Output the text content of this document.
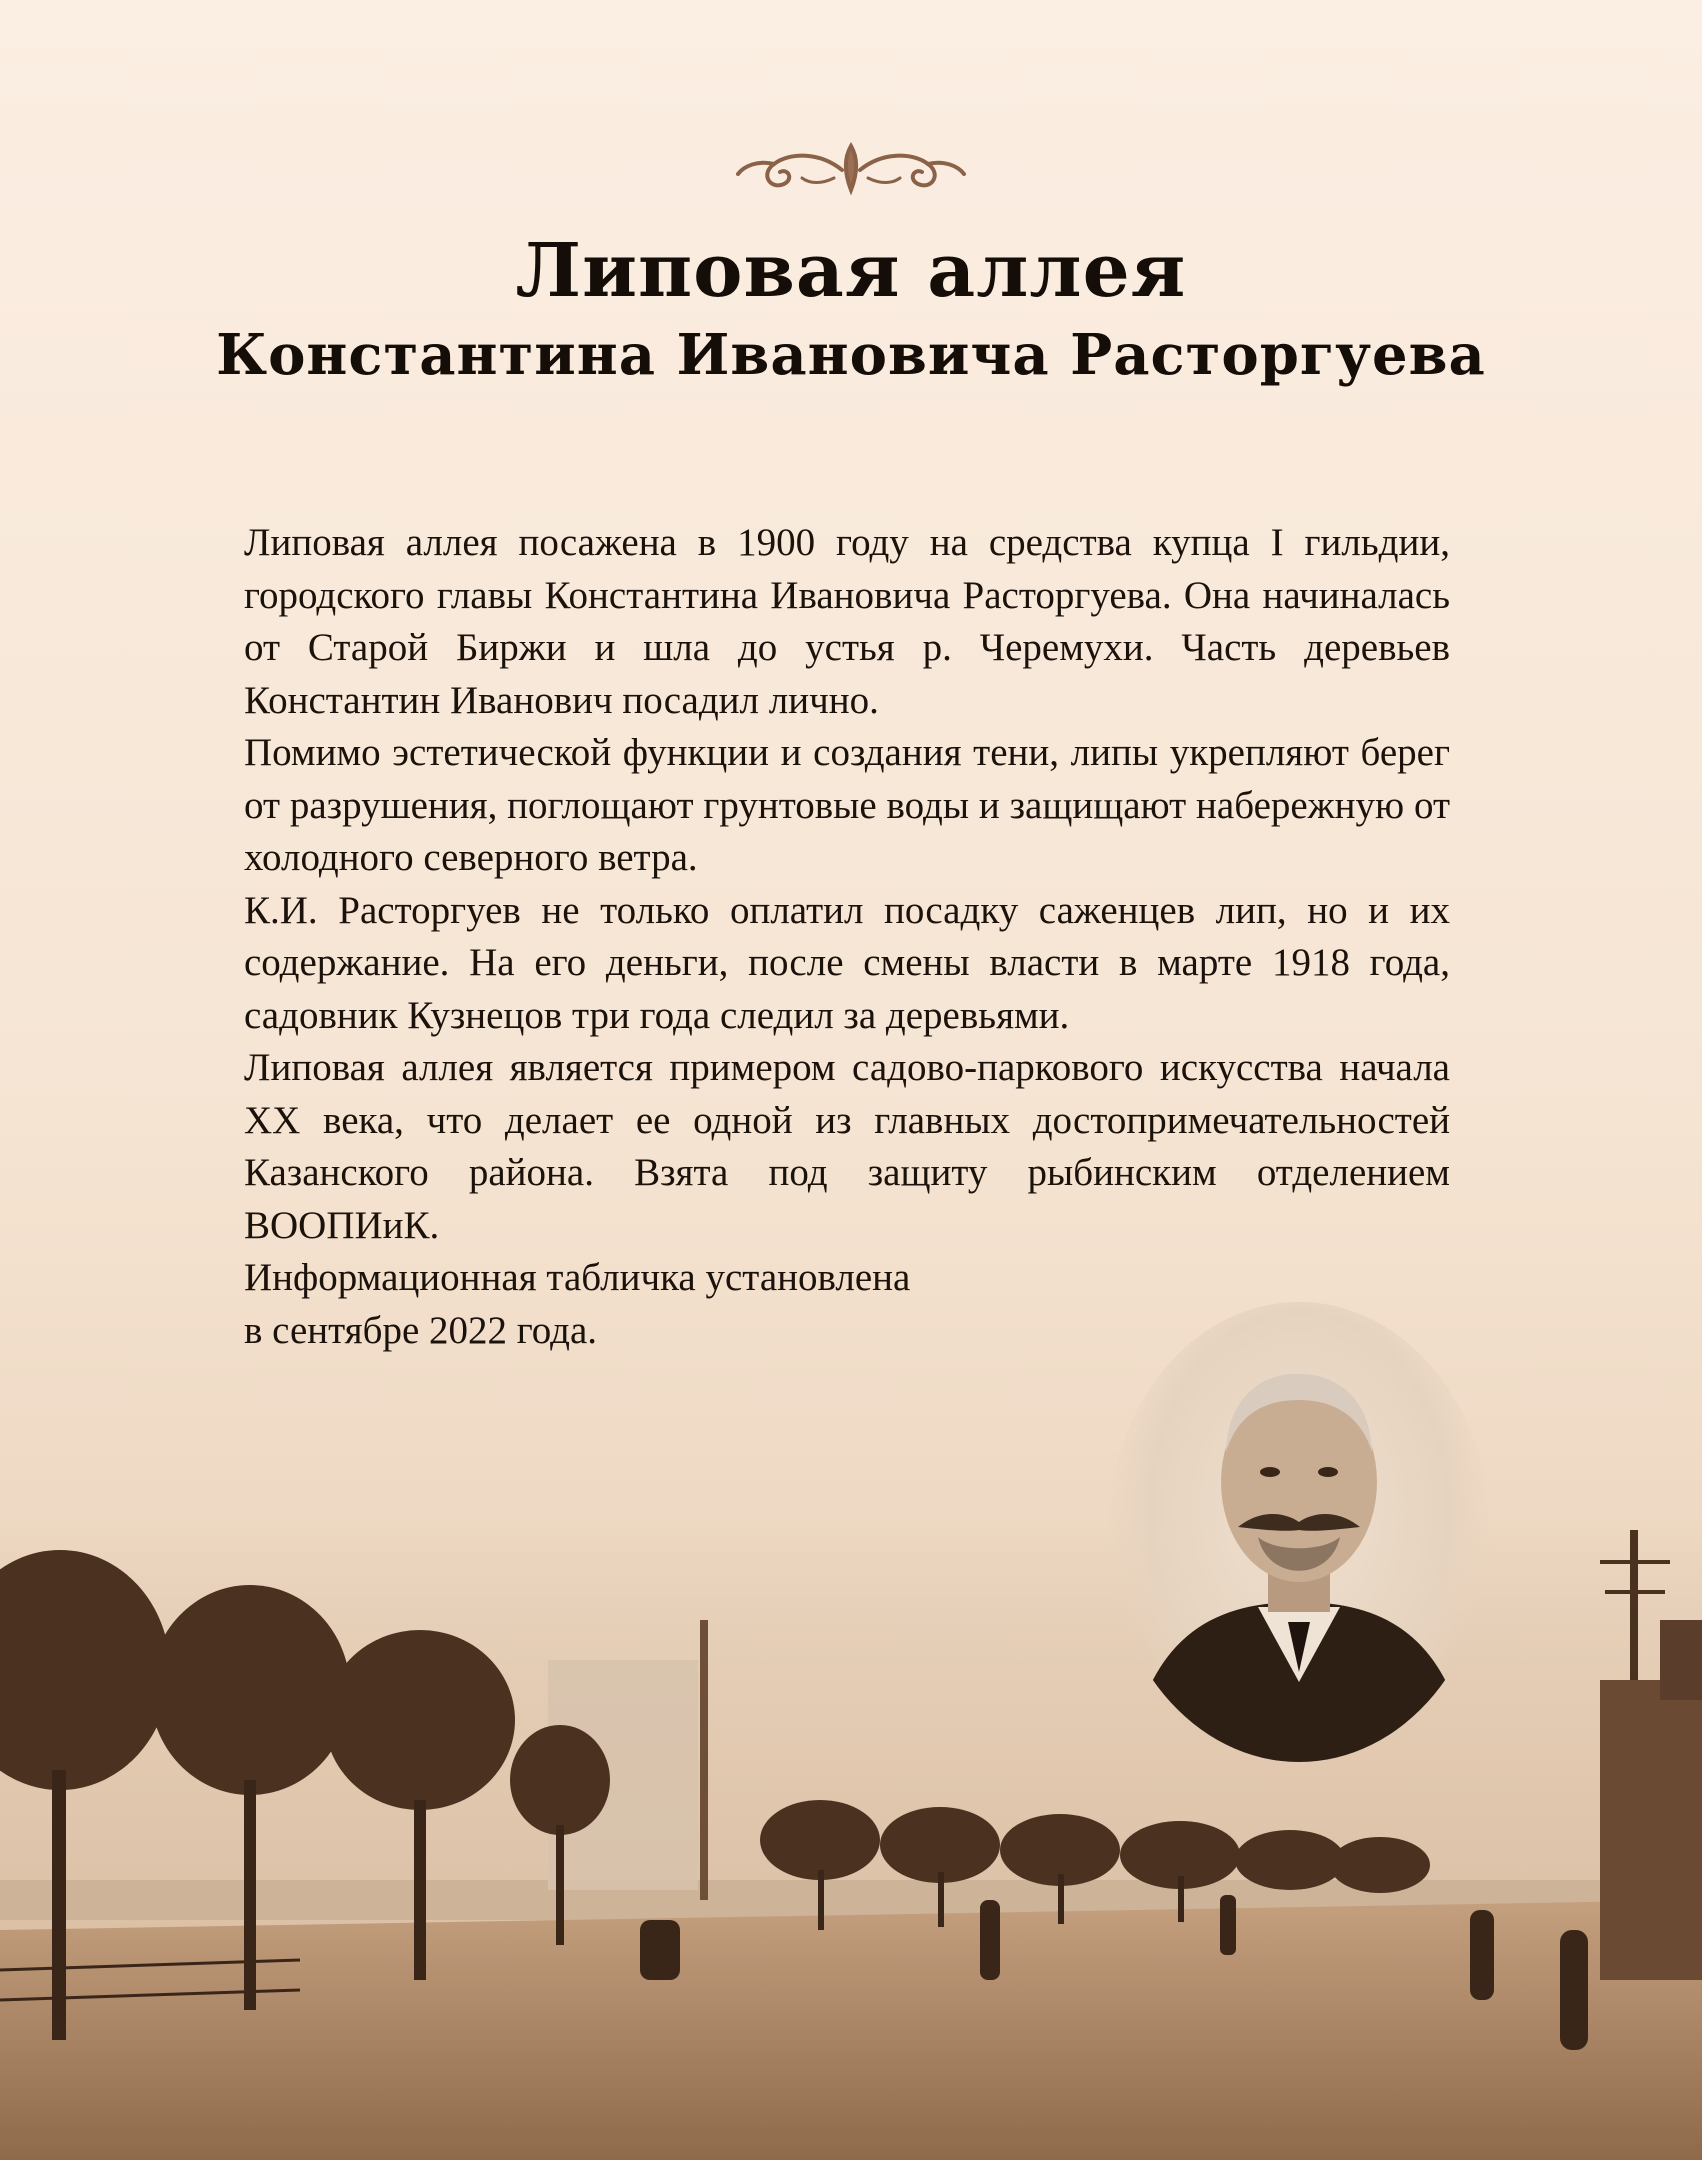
Липовая аллея
Константина Ивановича Расторгуева

Липовая аллея посажена в 1900 году на средства купца I гильдии, городского главы Константина Ивановича Расторгуева. Она начиналась от Старой Биржи и шла до устья р. Черемухи. Часть деревьев Константин Иванович посадил лично.

Помимо эстетической функции и создания тени, липы укрепляют берег от разрушения, поглощают грунтовые воды и защищают набережную от холодного северного ветра.

К.И. Расторгуев не только оплатил посадку саженцев лип, но и их содержание. На его деньги, после смены власти в марте 1918 года, садовник Кузнецов три года следил за деревьями.

Липовая аллея является примером садово-паркового искусства начала XX века, что делает ее одной из главных достопримечательностей Казанского района. Взята под защиту рыбинским отделением ВООПИиК.

Информационная табличка установлена

в сентябре 2022 года.
